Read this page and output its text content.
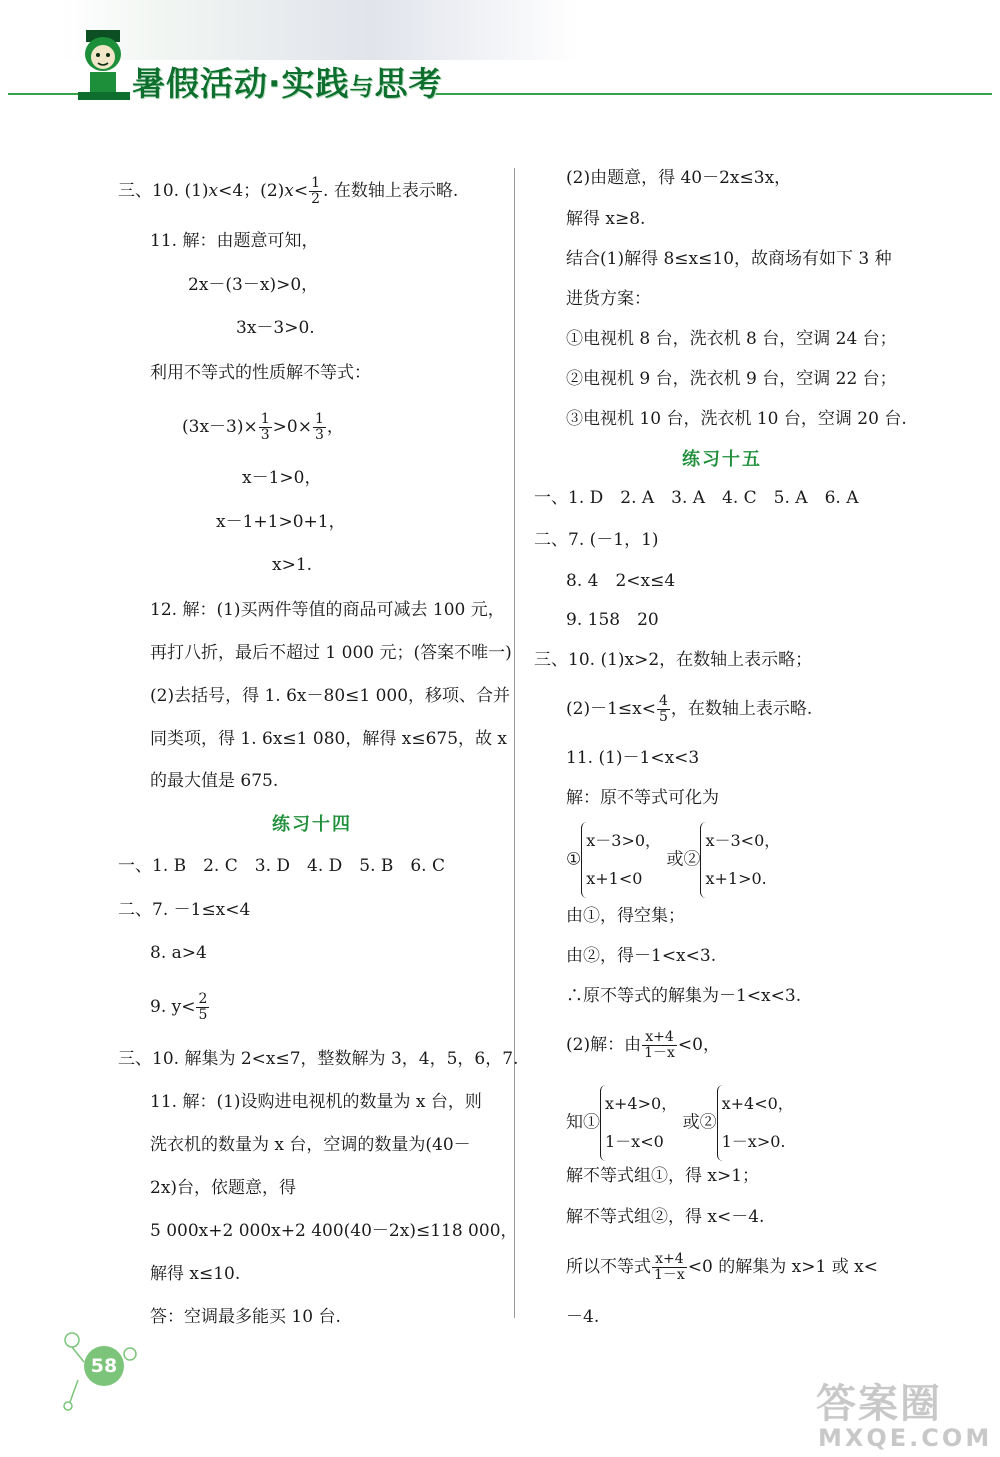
暑假活动·实践与思考
三、10. (1)x<4；$(2)x< \frac{1}{2}$ . 在数轴上表示略.
11. 解：由题意可知，
2x－(3－x)>0，
3x－3>0.
利用不等式的性质解不等式：
$(3x-3)\times \frac{1}{3} >0\times \frac{1}{3}$ ，
x－1>0，
x－1+1>0+1，
x>1.
12. 解：(1)买两件等值的商品可减去 100 元，
再打八折，最后不超过 1 000 元；(答案不唯一)
(2)去括号，得 1. 6x－80≤1 000，移项、合并
同类项，得 1. 6x≤1 080，解得 x≤675，故 x
的最大值是 675.
练习十四
一、1. B　2. C　3. D　4. D　5. B　6. C
二、7. －1≤x<4
8. a>4
9. $y< \frac{2}{5}$
三、10. 解集为 2<x≤7，整数解为 3，4，5，6，7.
11. 解：(1)设购进电视机的数量为 x 台，则
洗衣机的数量为 x 台，空调的数量为(40－
2x)台，依题意，得
5 000x+2 000x+2 400(40－2x)≤118 000，
解得 x≤10.
答：空调最多能买 10 台.
(2)由题意，得 40－2x≤3x，
解得 x≥8.
结合(1)解得 8≤x≤10，故商场有如下 3 种
进货方案：
①电视机 8 台，洗衣机 8 台，空调 24 台；
②电视机 9 台，洗衣机 9 台，空调 22 台；
③电视机 10 台，洗衣机 10 台，空调 20 台.
练习十五
一、1. D　2. A　3. A　4. C　5. A　6. A
二、7. (－1，1)
8. 4　2<x≤4
9. 158　20
三、10. (1)x>2，在数轴上表示略；
$(2)-1\le x< \frac{4}{5}$ ，在数轴上表示略.
11. (1)－1<x<3
解：原不等式可化为
①
x－3>0，
x+1<0
或②
x－3<0，
x+1>0.
由①，得空集；
由②，得－1<x<3.
∴原不等式的解集为－1<x<3.
(2)解：由 $\frac{x+4}{1-x} <0$，
知①
x+4>0，
1－x<0
或②
x+4<0，
1－x>0.
解不等式组①，得 x>1；
解不等式组②，得 x<－4.
所以不等式 $\frac{x+4}{1-x} <0$ 的解集为 x>1 或 x<
－4.
58
答案圈
MXQE.COM
